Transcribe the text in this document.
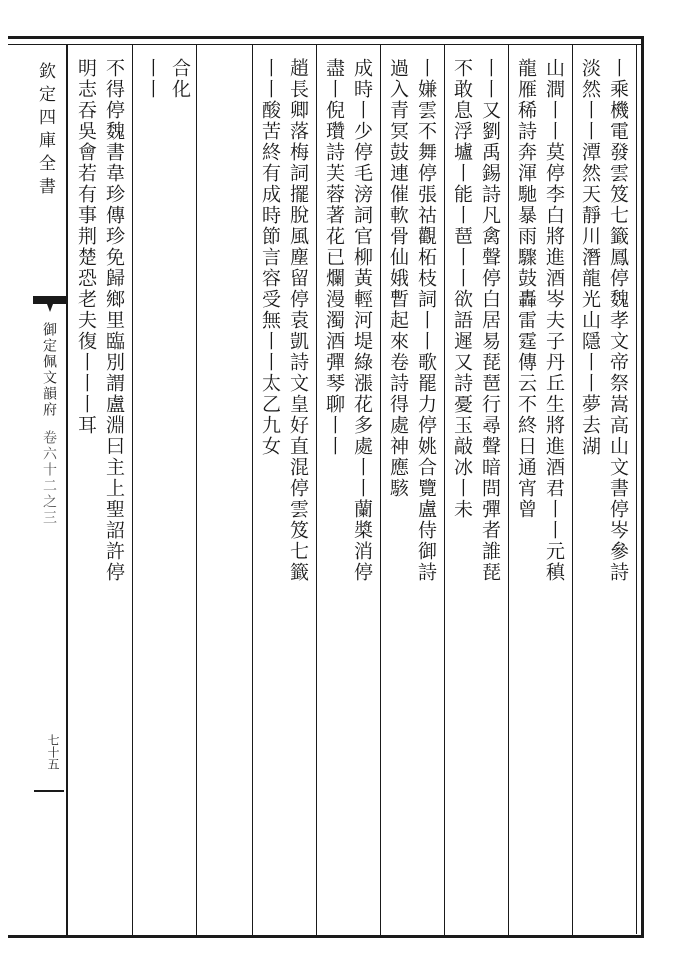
欽定四庫全書
御定佩文韻府
卷六十二之三
七十五
丨乘機電發雲笈七籤鳳停魏孝文帝祭嵩高山文書停岑參詩
淡然丨丨潭然天靜川潛龍光山隱丨丨夢去湖
山澗丨丨莫停李白將進酒岑夫子丹丘生將進酒君丨丨元稹
龍雁稀詩奔渾馳暴雨驟鼓轟雷霆傳云不終日通宵曾
丨丨又劉禹錫詩凡禽聲停白居易琵琶行尋聲暗問彈者誰琵
不敢息浮壚丨能丨琶丨丨欲語遲又詩憂玉敲冰丨未
丨嫌雲不舞停張祜觀柘枝詞丨丨歌罷力停姚合覽盧侍御詩
過入青冥鼓連催軟骨仙娥暫起來卷詩得處神應駭
成時丨少停毛滂詞官柳黃輕河堤綠漲花多處丨丨蘭槳消停
盡丨倪瓚詩芙蓉著花已爛漫濁酒彈琴聊丨丨
趙長卿落梅詞擺脫風塵留停袁凱詩文皇好直混停雲笈七籤
丨丨酸苦終有成時節言容受無丨丨太乙九女
合化
丨丨
不得停魏書韋珍傳珍免歸鄉里臨別謂盧淵曰主上聖詔許停
明志吞吳會若有事荆楚恐老夫復丨丨丨耳
